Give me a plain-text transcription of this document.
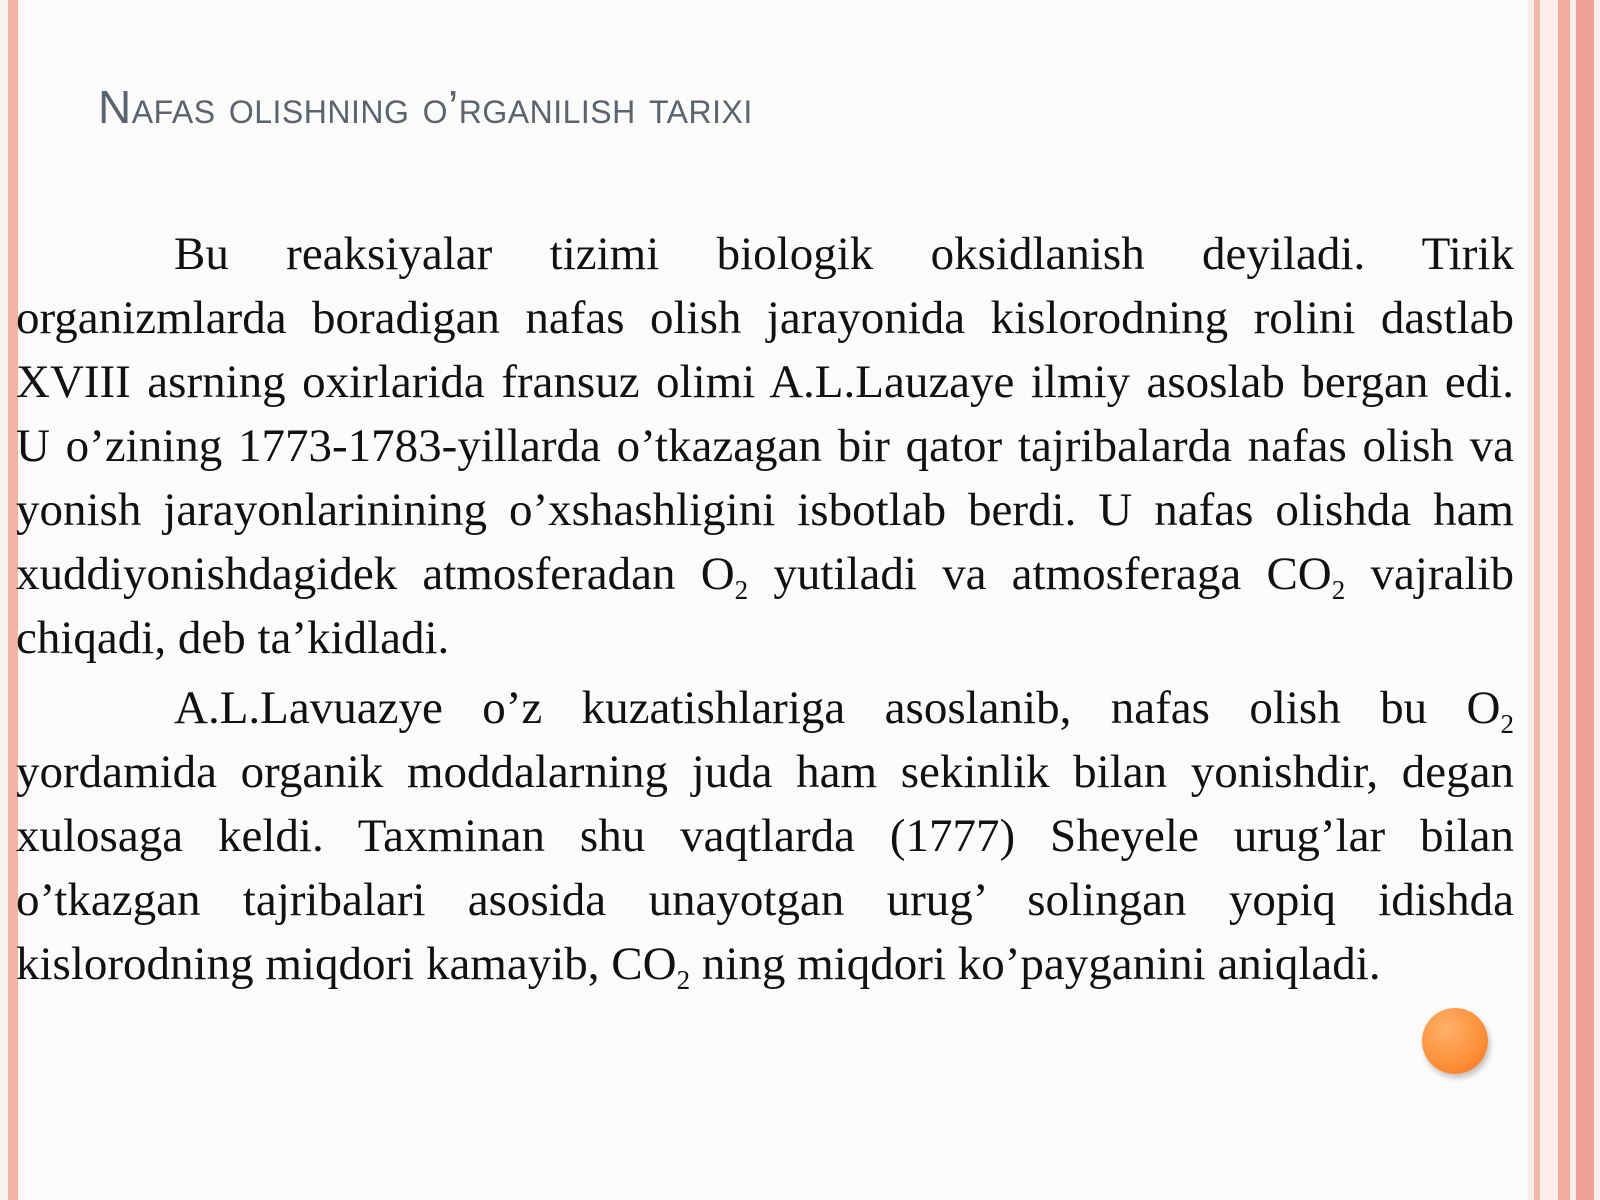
Nafas olishning o’rganilish tarixi

Bu reaksiyalar tizimi biologik oksidlanish deyiladi. Tirik organizmlarda boradigan nafas olish jarayonida kislorodning rolini dastlab XVIII asrning oxirlarida fransuz olimi A.L.Lauzaye ilmiy asoslab bergan edi. U o’zining 1773-1783-yillarda o’tkazagan bir qator tajribalarda nafas olish va yonish jarayonlarinining o’xshashligini isbotlab berdi. U nafas olishda ham xuddiyonishdagidek atmosferadan $O_2$ yutiladi va atmosferaga $CO_2$ vajralib chiqadi, deb ta’kidladi.

A.L.Lavuazye o’z kuzatishlariga asoslanib, nafas olish bu $O_2$ yordamida organik moddalarning juda ham sekinlik bilan yonishdir, degan xulosaga keldi. Taxminan shu vaqtlarda (1777) Sheyele urug’lar bilan o’tkazgan tajribalari asosida unayotgan urug’ solingan yopiq idishda kislorodning miqdori kamayib, $CO_2$ ning miqdori ko’payganini aniqladi.
